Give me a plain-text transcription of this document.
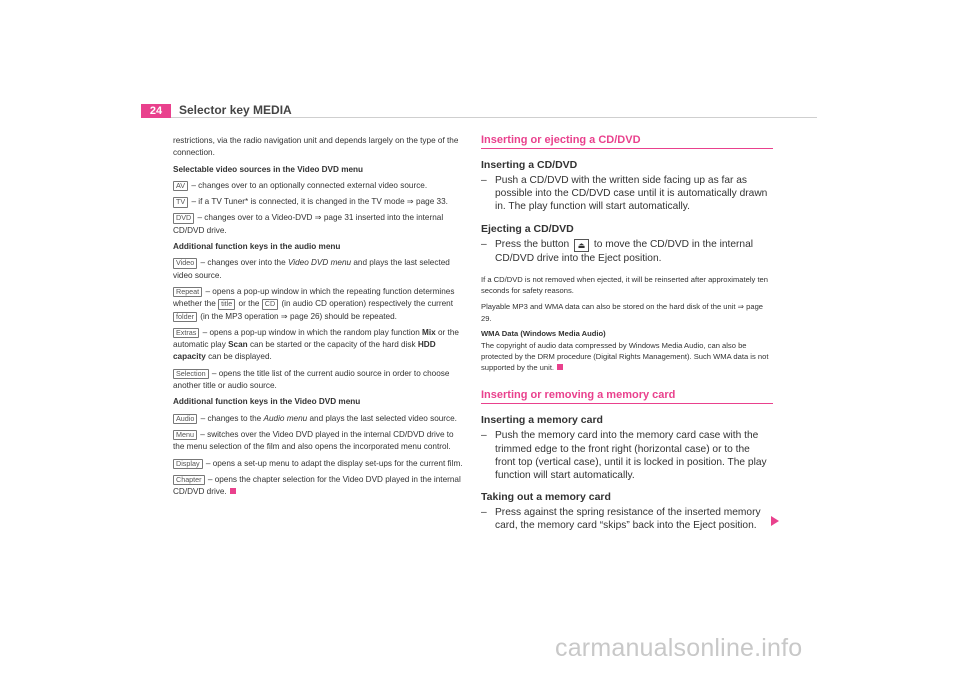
24	Selector key MEDIA

restrictions, via the radio navigation unit and depends largely on the type of the connection.

Selectable video sources in the Video DVD menu

AV – changes over to an optionally connected external video source.

TV – if a TV Tuner* is connected, it is changed in the TV mode ⇒ page 33.

DVD – changes over to a Video-DVD ⇒ page 31 inserted into the internal CD/DVD drive.

Additional function keys in the audio menu

Video – changes over into the Video DVD menu and plays the last selected video source.

Repeat – opens a pop-up window in which the repeating function determines whether the title or the CD (in audio CD operation) respectively the current folder (in the MP3 operation ⇒ page 26) should be repeated.

Extras – opens a pop-up window in which the random play function Mix or the automatic play Scan can be started or the capacity of the hard disk HDD capacity can be displayed.

Selection – opens the title list of the current audio source in order to choose another title or audio source.

Additional function keys in the Video DVD menu

Audio – changes to the Audio menu and plays the last selected video source.

Menu – switches over the Video DVD played in the internal CD/DVD drive to the menu selection of the film and also opens the incorporated menu control.

Display – opens a set-up menu to adapt the display set-ups for the current film.

Chapter – opens the chapter selection for the Video DVD played in the internal CD/DVD drive.

Inserting or ejecting a CD/DVD
Inserting a CD/DVD
– Push a CD/DVD with the written side facing up as far as possible into the CD/DVD case until it is automatically drawn in. The play function will start automatically.
Ejecting a CD/DVD
– Press the button ⏏ to move the CD/DVD in the internal CD/DVD drive into the Eject position.

If a CD/DVD is not removed when ejected, it will be reinserted after approximately ten seconds for safety reasons.

Playable MP3 and WMA data can also be stored on the hard disk of the unit ⇒ page 29.

WMA Data (Windows Media Audio)

The copyright of audio data compressed by Windows Media Audio, can also be protected by the DRM procedure (Digital Rights Management). Such WMA data is not supported by the unit.

Inserting or removing a memory card
Inserting a memory card
– Push the memory card into the memory card case with the trimmed edge to the front right (horizontal case) or to the front top (vertical case), until it is locked in position. The play function will start automatically.
Taking out a memory card
– Press against the spring resistance of the inserted memory card, the memory card “skips” back into the Eject position.
carmanualsonline.info
